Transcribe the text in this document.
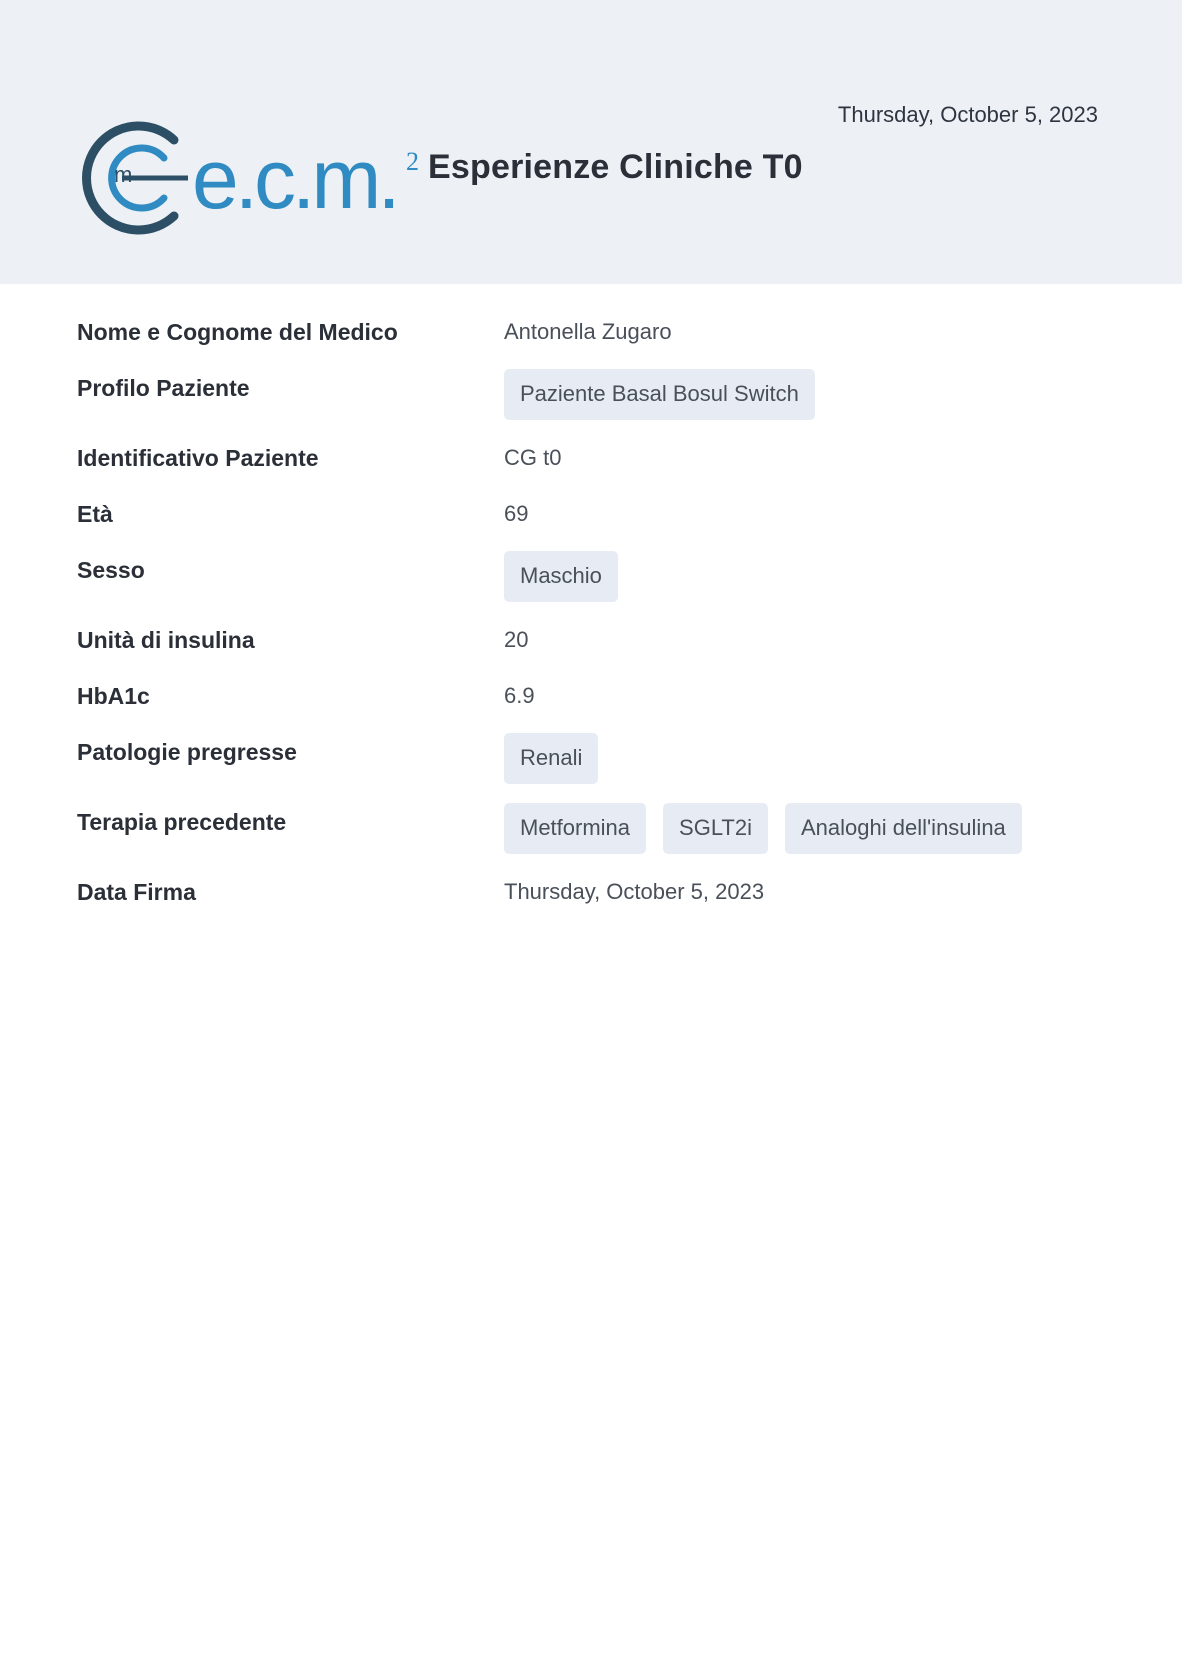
m e.c.m. 2 Esperienze Cliniche T0
Thursday, October 5, 2023
Nome e Cognome del Medico	Antonella Zugaro
Profilo Paziente	Paziente Basal Bosul Switch
Identificativo Paziente	CG t0
Età	69
Sesso	Maschio
Unità di insulina	20
HbA1c	6.9
Patologie pregresse	Renali
Terapia precedente	Metformina	SGLT2i	Analoghi dell'insulina
Data Firma	Thursday, October 5, 2023
